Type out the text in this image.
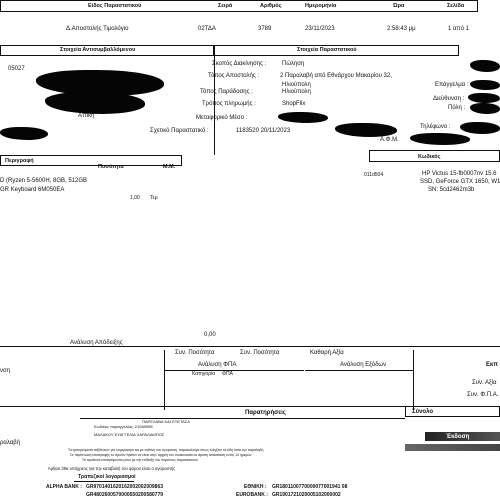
Είδος Παραστατικού	Σειρά	Αριθμός	Ημερομηνία	Ώρα	Σελίδα
Δ.Αποστολής Τιμολόγιο	02ΤΔΑ	3789	23/11/2023	2:58:43 μμ	1 από 1
Στοιχεία Αντισυμβαλλόμενου	Στοιχεία Παραστατικού
05027
Αττική
Σκοπός Διακίνησης :	Πώληση
Τόπος Αποστολής :	2 Παραλαβή από Εθνάρχου Μακαρίου 32,
Ηλιούπολη
Τόπος Παράδοσης :	Ηλιούπολη
Τρόπος πληρωμής :	ShopFlix
Μεταφορικό Μέσο :
Σχετικό Παραστατικό :	1183520 20/11/2023
Επάγγελμα :
Διεύθυνση :
Πόλη :
Τηλέφωνο :
Α.Φ.Μ.
Περιγραφή
Ποσότητα	Μ.Μ.
Κωδικός
011d504	HP Victus 15-fb0007nv 15.6
SSD, GeForce GTX 1650, W1
D (Ryzen 5-5600H, 8GB, 512GB
GR Keyboard 6M050EA
1,00 Τεμ
SN: 5cd2462m3b
0,00
Ανάλυση Απόδειξης
Συν. Ποσότητα	Συν. Ποσότητα	Καθαρή Αξία
Εκπ
νση
Ανάλυση ΦΠΑ	Ανάλυση Εξόδων
Κατηγορία ΦΠΑ
Συν. Αξία
Συν. Φ.Π.Α.
Παρατηρήσεις	Σύνολο
Κωδικός παραγγελίας: 21080998
ΜΑΛΑΚΟΥ ΕΥΑΓΓΕΛΙΑ ΧΑΡΑΛΑΜΠΟΣ
ΠΑΡΕΛΑΒΑ ΚΑΙ ΕΞΕΤΑΣΑ
ραλαβή
Έκδοση
Τα εμπορεύματα ταξιδεύουν για λογαριασμό και με ευθύνη του αγοραστή, παρακαλούμε όπως ελέγξετε τα είδη κατά την παραλαβή
Σε περίπτωση επιστροφής το προϊόν πρέπει να είναι στην αρχική του συσκευασία σε άριστη κατάσταση εντός 14 ημερών
Τα προϊόντα επιστρέφονται μόνο με την επίδειξη του παρόντος παραστατικού
Άρθρο 39α υπόχρεος για την καταβολή του φόρου είναι ο αγοραστής
Τραπεζικοί λογαριασμοί
ALPHA BANK : GR9701401620162002002009863	ΕΘΝΙΚΗ : GR1801100770000077001941 08
GR4802600570000550200580779	EUROBANK : GR1901721020005102000002
